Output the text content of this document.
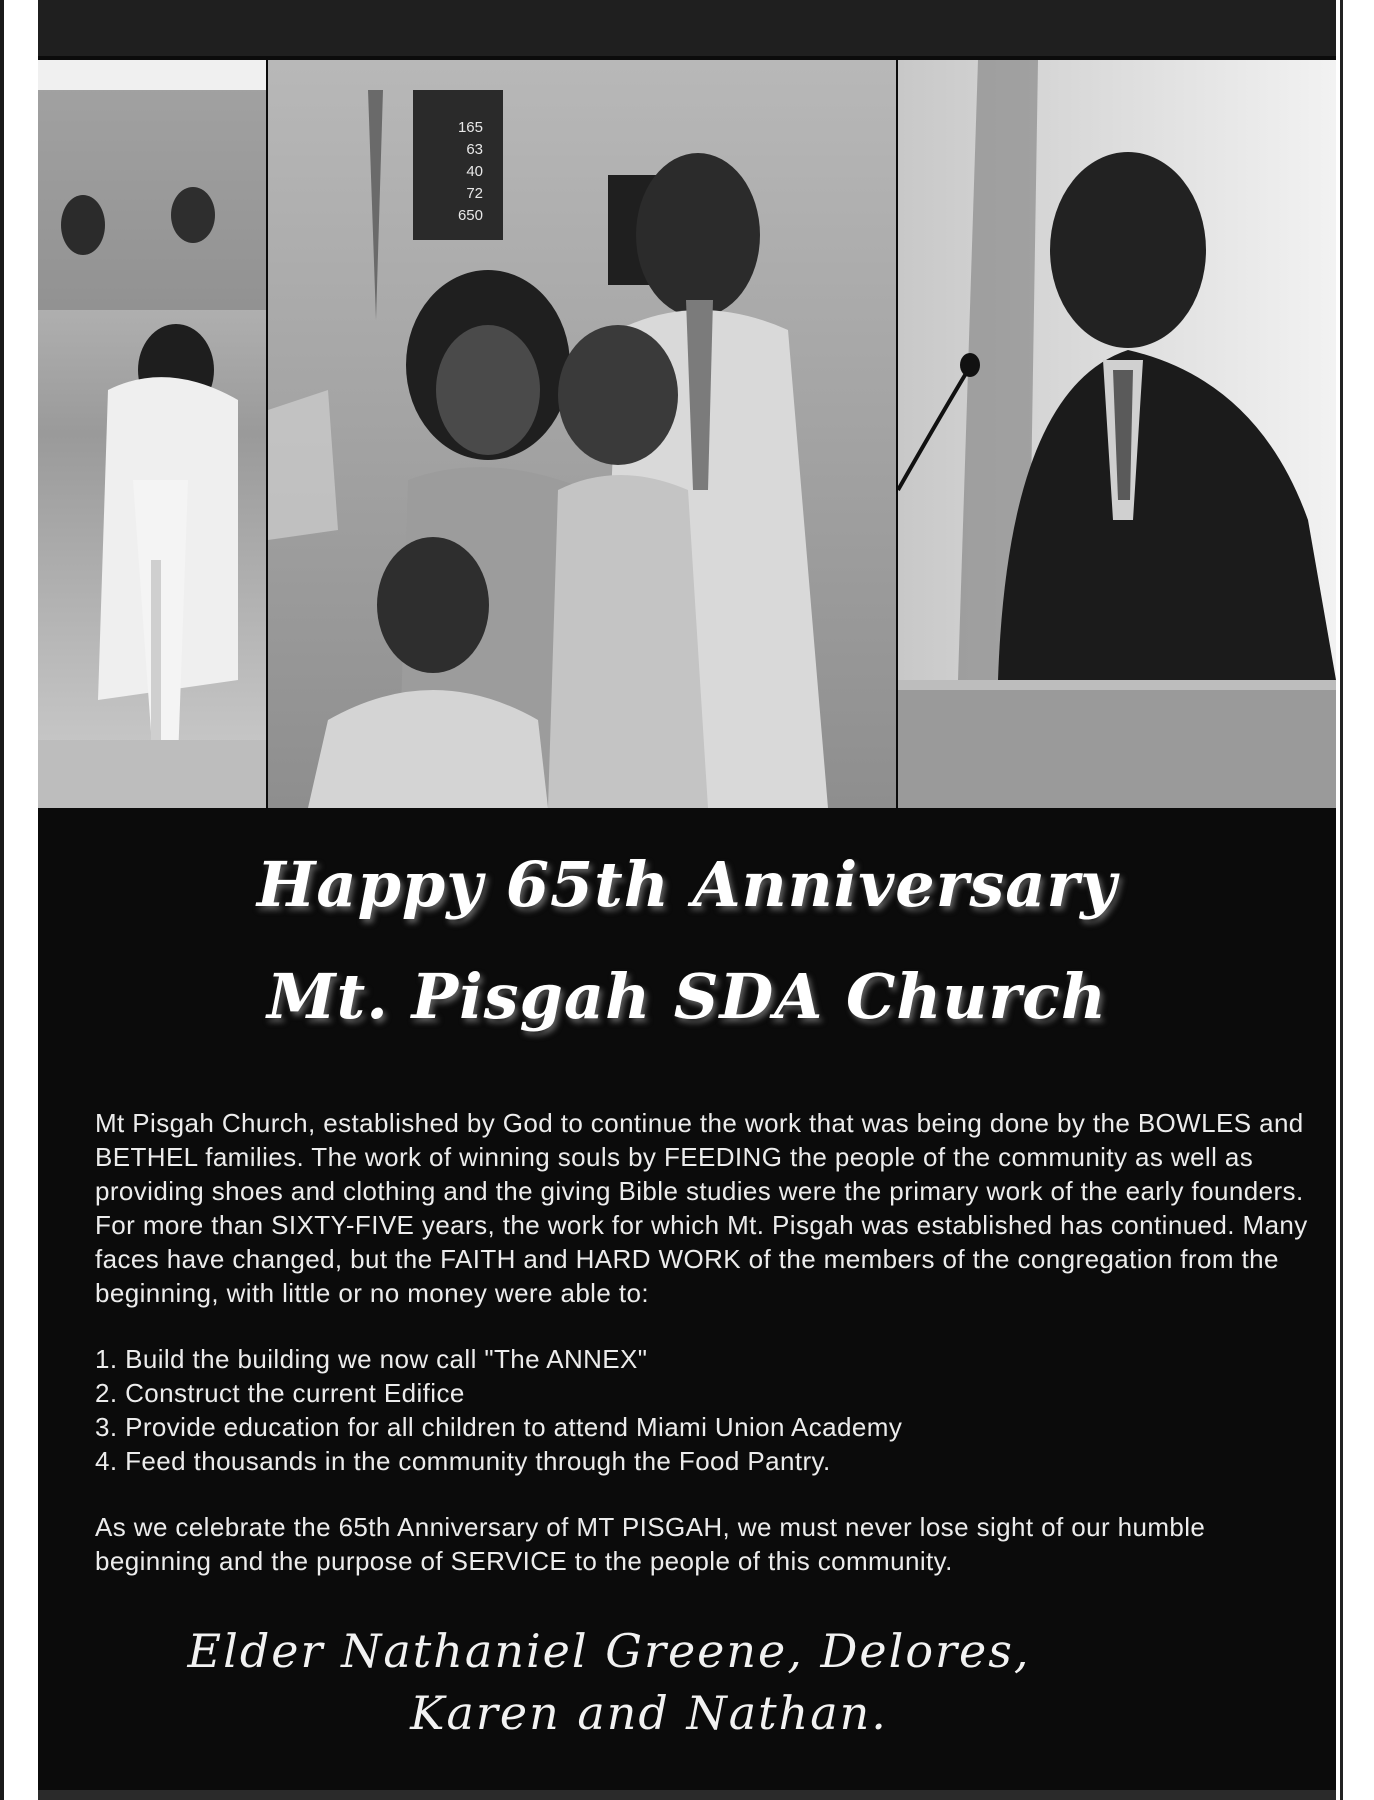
165
63
40
72
650
Happy 65th Anniversary
Mt. Pisgah SDA Church

Mt Pisgah Church, established by God to continue the work that was being done by the BOWLES and BETHEL families. The work of winning souls by FEEDING the people of the community as well as providing shoes and clothing and the giving Bible studies were the primary work of the early founders. For more than SIXTY-FIVE years, the work for which Mt. Pisgah was established has continued. Many faces have changed, but the FAITH and HARD WORK of the members of the congregation from the beginning, with little or no money were able to:

1. Build the building we now call "The ANNEX"
2. Construct the current Edifice
3. Provide education for all children to attend Miami Union Academy
4. Feed thousands in the community through the Food Pantry.

As we celebrate the 65th Anniversary of MT PISGAH, we must never lose sight of our humble beginning and the purpose of SERVICE to the people of this community.

Elder Nathaniel Greene, Delores,
Karen and Nathan.
